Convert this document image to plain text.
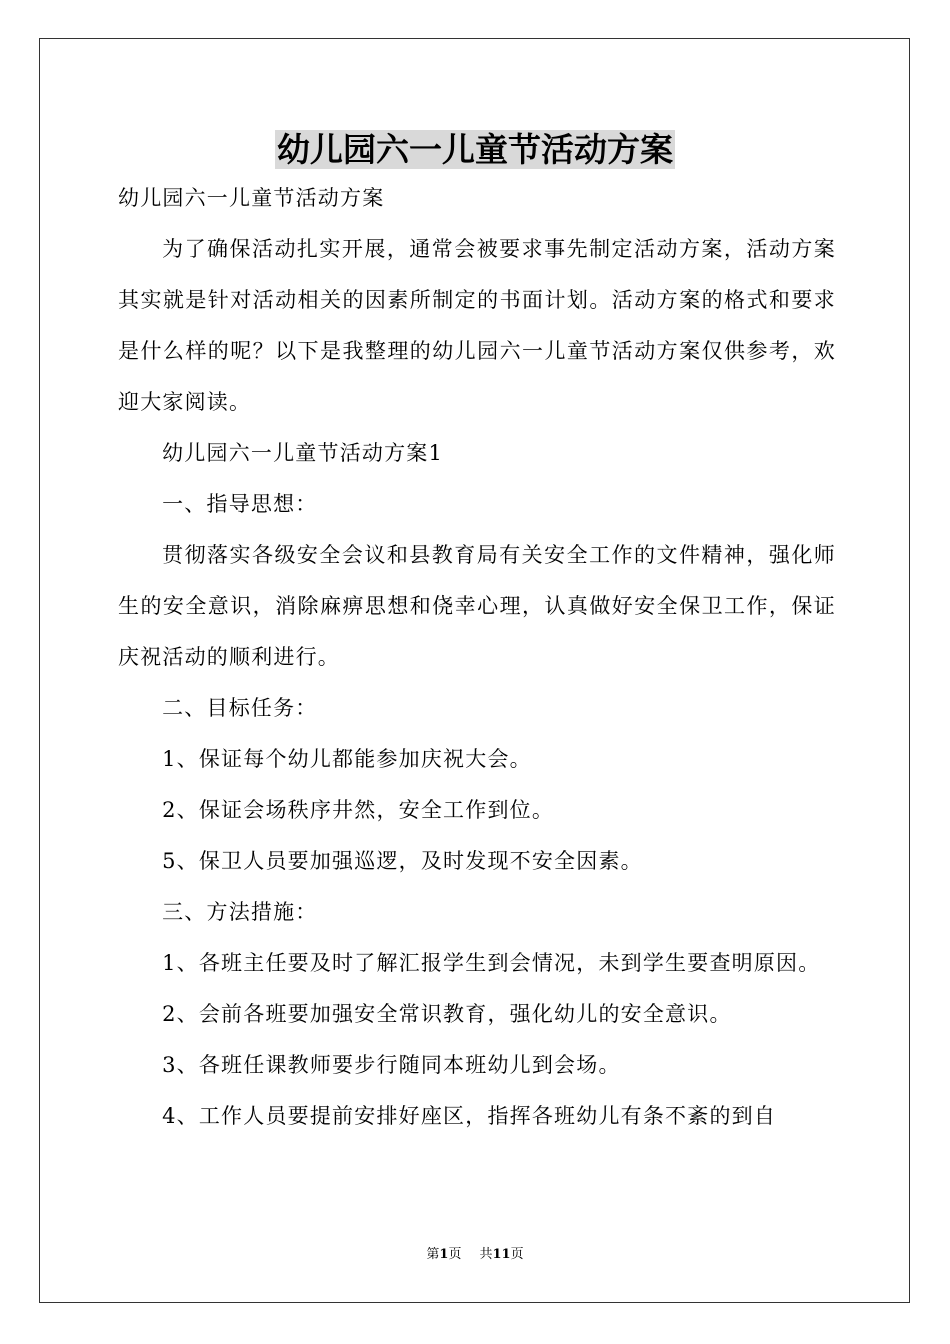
幼儿园六一儿童节活动方案

幼儿园六一儿童节活动方案

为了确保活动扎实开展，通常会被要求事先制定活动方案，活动方案其实就是针对活动相关的因素所制定的书面计划。活动方案的格式和要求是什么样的呢？以下是我整理的幼儿园六一儿童节活动方案仅供参考，欢迎大家阅读。

幼儿园六一儿童节活动方案1

一、指导思想：

贯彻落实各级安全会议和县教育局有关安全工作的文件精神，强化师生的安全意识，消除麻痹思想和侥幸心理，认真做好安全保卫工作，保证庆祝活动的顺利进行。

二、目标任务：

1、保证每个幼儿都能参加庆祝大会。

2、保证会场秩序井然，安全工作到位。

5、保卫人员要加强巡逻，及时发现不安全因素。

三、方法措施：

1、各班主任要及时了解汇报学生到会情况，未到学生要查明原因。

2、会前各班要加强安全常识教育，强化幼儿的安全意识。

3、各班任课教师要步行随同本班幼儿到会场。

4、工作人员要提前安排好座区，指挥各班幼儿有条不紊的到自

第1页 共11页
